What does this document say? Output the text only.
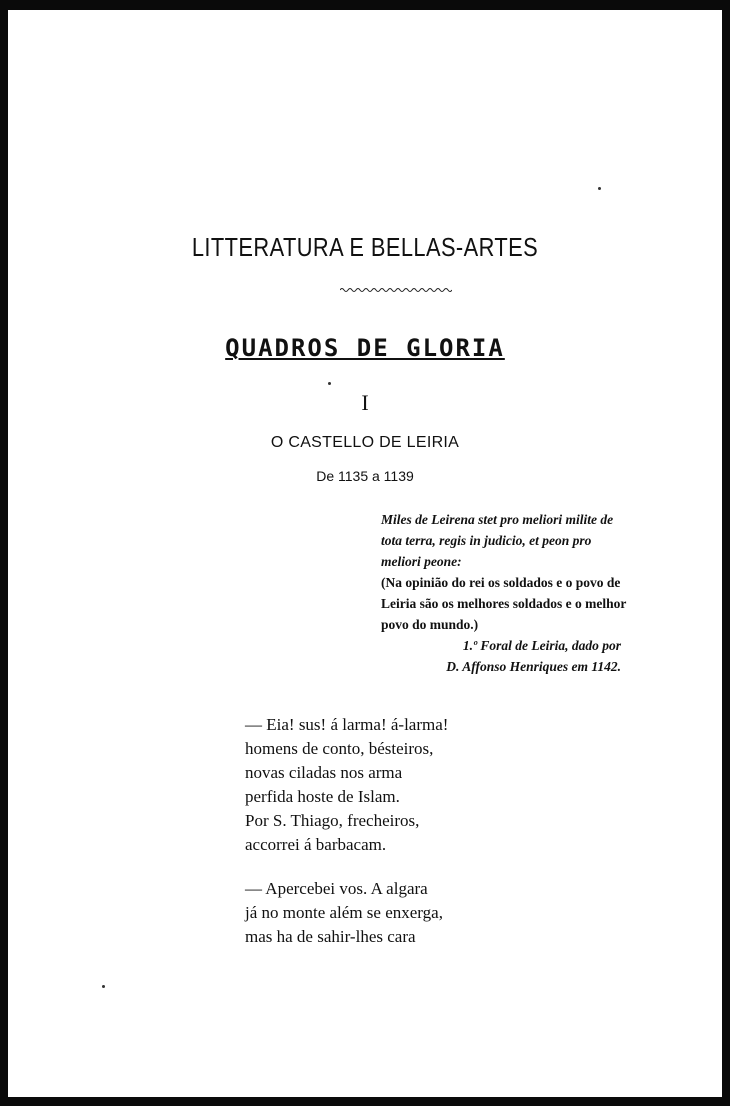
LITTERATURA E BELLAS-ARTES
QUADROS DE GLORIA
I
O CASTELLO DE LEIRIA
De 1135 a 1139
Miles de Leirena stet pro meliori milite de tota terra, regis in judicio, et peon pro meliori peone:
(Na opinião do rei os soldados e o povo de Leiria são os melhores soldados e o melhor povo do mundo.)
1.º Foral de Leiria, dado por
D. Affonso Henriques em 1142.
— Eia! sus! á larma! á-larma!
homens de conto, bésteiros,
novas ciladas nos arma
perfida hoste de Islam.
Por S. Thiago, frecheiros,
accorrei á barbacam.
— Apercebei vos. A algara
já no monte além se enxerga,
mas ha de sahir-lhes cara
